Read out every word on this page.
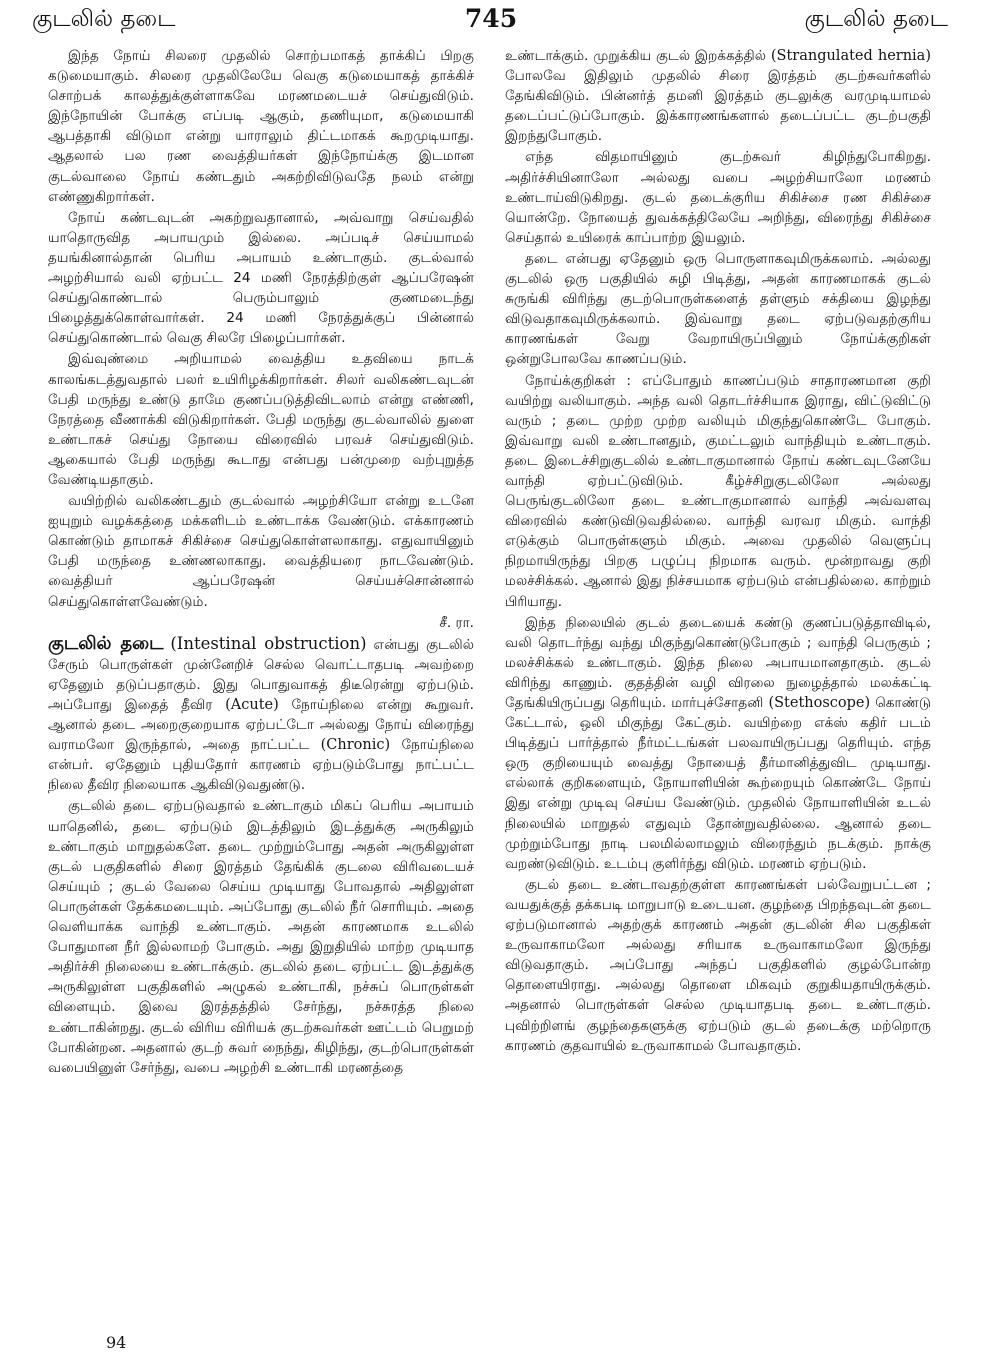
745
குடலில் தடை	குடலில் தடை

இந்த நோய் சிலரை முதலில் சொற்பமாகத் தாக்கிப் பிறகு கடுமையாகும். சிலரை முதலிலேயே வெகு கடுமையாகத் தாக்கிச் சொற்பக் காலத்துக்குள்ளாகவே மரணமடையச் செய்துவிடும். இந்நோயின் போக்கு எப்படி ஆகும், தணியுமா, கடுமையாகி ஆபத்தாகி விடுமா என்று யாராலும் திட்டமாகக் கூறமுடியாது. ஆதலால் பல ரண வைத்தியர்கள் இந்நோய்க்கு இடமான குடல்வாலை நோய் கண்டதும் அகற்றிவிடுவதே நலம் என்று எண்ணுகிறார்கள்.

நோய் கண்டவுடன் அகற்றுவதானால், அவ்வாறு செய்வதில் யாதொருவித அபாயமும் இல்லை. அப்படிச் செய்யாமல் தயங்கினால்தான் பெரிய அபாயம் உண்டாகும். குடல்வால் அழற்சியால் வலி ஏற்பட்ட 24 மணி நேரத்திற்குள் ஆப்பரேஷன் செய்துகொண்டால் பெரும்பாலும் குணமடைந்து பிழைத்துக்கொள்வார்கள். 24 மணி நேரத்துக்குப் பின்னால் செய்துகொண்டால் வெகு சிலரே பிழைப்பார்கள்.

இவ்வுண்மை அறியாமல் வைத்திய உதவியை நாடக் காலங்கடத்துவதால் பலர் உயிரிழக்கிறார்கள். சிலர் வலிகண்டவுடன் பேதி மருந்து உண்டு தாமே குணப்படுத்திவிடலாம் என்று எண்ணி, நேரத்தை வீணாக்கி விடுகிறார்கள். பேதி மருந்து குடல்வாலில் துளை உண்டாகச் செய்து நோயை விரைவில் பரவச் செய்துவிடும். ஆகையால் பேதி மருந்து கூடாது என்பது பன்முறை வற்புறுத்த வேண்டியதாகும்.

வயிற்றில் வலிகண்டதும் குடல்வால் அழற்சியோ என்று உடனே ஐயுறும் வழக்கத்தை மக்களிடம் உண்டாக்க வேண்டும். எக்காரணம் கொண்டும் தாமாகச் சிகிச்சை செய்துகொள்ளலாகாது. எதுவாயினும் பேதி மருந்தை உண்ணலாகாது. வைத்தியரை நாடவேண்டும். வைத்தியர் ஆப்பரேஷன் செய்யச்சொன்னால் செய்துகொள்ளவேண்டும்.

சீ. ரா.

குடலில் தடை (Intestinal obstruction) என்பது குடலில் சேரும் பொருள்கள் முன்னேறிச் செல்ல வொட்டாதபடி அவற்றை ஏதேனும் தடுப்பதாகும். இது பொதுவாகத் திடீரென்று ஏற்படும். அப்போது இதைத் தீவிர (Acute) நோய்நிலை என்று கூறுவர். ஆனால் தடை அறைகுறையாக ஏற்பட்டோ அல்லது நோய் விரைந்து வராமலோ இருந்தால், அதை நாட்பட்ட (Chronic) நோய்நிலை என்பர். ஏதேனும் புதியதோர் காரணம் ஏற்படும்போது நாட்பட்ட நிலை தீவிர நிலையாக ஆகிவிடுவதுண்டு.

குடலில் தடை ஏற்படுவதால் உண்டாகும் மிகப் பெரிய அபாயம் யாதெனில், தடை ஏற்படும் இடத்திலும் இடத்துக்கு அருகிலும் உண்டாகும் மாறுதல்களே. தடை முற்றும்போது அதன் அருகிலுள்ள குடல் பகுதிகளில் சிரை இரத்தம் தேங்கிக் குடலை விரிவடையச் செய்யும் ; குடல் வேலை செய்ய முடியாது போவதால் அதிலுள்ள பொருள்கள் தேக்கமடையும். அப்போது குடலில் நீர் சொரியும். அதை வெளியாக்க வாந்தி உண்டாகும். அதன் காரணமாக உடலில் போதுமான நீர் இல்லாமற் போகும். அது இறுதியில் மாற்ற முடியாத அதிர்ச்சி நிலையை உண்டாக்கும். குடலில் தடை ஏற்பட்ட இடத்துக்கு அருகிலுள்ள பகுதிகளில் அழுகல் உண்டாகி, நச்சுப் பொருள்கள் விளையும். இவை இரத்தத்தில் சேர்ந்து, நச்சுரத்த நிலை உண்டாகின்றது. குடல் விரிய விரியக் குடற்சுவர்கள் ஊட்டம் பெறுமற் போகின்றன. அதனால் குடற் சுவர் நைந்து, கிழிந்து, குடற்பொருள்கள் வபையினுள் சேர்ந்து, வபை அழற்சி உண்டாகி மரணத்தை

உண்டாக்கும். முறுக்கிய குடல் இறக்கத்தில் (Strangulated hernia) போலவே இதிலும் முதலில் சிரை இரத்தம் குடற்சுவர்களில் தேங்கிவிடும். பின்னர்த் தமனி இரத்தம் குடலுக்கு வரமுடியாமல் தடைப்பட்டுப்போகும். இக்காரணங்களால் தடைப்பட்ட குடற்பகுதி இறந்துபோகும்.

எந்த விதமாயினும் குடற்சுவர் கிழிந்துபோகிறது. அதிர்ச்சியினாலோ அல்லது வபை அழற்சியாலோ மரணம் உண்டாய்விடுகிறது. குடல் தடைக்குரிய சிகிச்சை ரண சிகிச்சை யொன்றே. நோயைத் துவக்கத்திலேயே அறிந்து, விரைந்து சிகிச்சை செய்தால் உயிரைக் காப்பாற்ற இயலும்.

தடை என்பது ஏதேனும் ஒரு பொருளாகவுமிருக்கலாம். அல்லது குடலில் ஒரு பகுதியில் சுழி பிடித்து, அதன் காரணமாகக் குடல் சுருங்கி விரிந்து குடற்பொருள்களைத் தள்ளும் சக்தியை இழந்து விடுவதாகவுமிருக்கலாம். இவ்வாறு தடை ஏற்படுவதற்குரிய காரணங்கள் வேறு வேறாயிருப்பினும் நோய்க்குறிகள் ஒன்றுபோலவே காணப்படும்.

நோய்க்குறிகள் : எப்போதும் காணப்படும் சாதாரணமான குறி வயிற்று வலியாகும். அந்த வலி தொடர்ச்சியாக இராது, விட்டுவிட்டு வரும் ; தடை முற்ற முற்ற வலியும் மிகுந்துகொண்டே போகும். இவ்வாறு வலி உண்டானதும், குமட்டலும் வாந்தியும் உண்டாகும். தடை இடைச்சிறுகுடலில் உண்டாகுமானால் நோய் கண்டவுடனேயே வாந்தி ஏற்பட்டுவிடும். கீழ்ச்சிறுகுடலிலோ அல்லது பெருங்குடலிலோ தடை உண்டாகுமானால் வாந்தி அவ்வளவு விரைவில் கண்டுவிடுவதில்லை. வாந்தி வரவர மிகும். வாந்தி எடுக்கும் பொருள்களும் மிகும். அவை முதலில் வெளுப்பு நிறமாயிருந்து பிறகு பழுப்பு நிறமாக வரும். மூன்றாவது குறி மலச்சிக்கல். ஆனால் இது நிச்சயமாக ஏற்படும் என்பதில்லை. காற்றும் பிரியாது.

இந்த நிலையில் குடல் தடையைக் கண்டு குணப்படுத்தாவிடில், வலி தொடர்ந்து வந்து மிகுந்துகொண்டுபோகும் ; வாந்தி பெருகும் ; மலச்சிக்கல் உண்டாகும். இந்த நிலை அபாயமானதாகும். குடல் விரிந்து காணும். குதத்தின் வழி விரலை நுழைத்தால் மலக்கட்டி தேங்கியிருப்பது தெரியும். மார்புச்சோதனி (Stethoscope) கொண்டு கேட்டால், ஒலி மிகுந்து கேட்கும். வயிற்றை எக்ஸ் கதிர் படம் பிடித்துப் பார்த்தால் நீர்மட்டங்கள் பலவாயிருப்பது தெரியும். எந்த ஒரு குறியையும் வைத்து நோயைத் தீர்மானித்துவிட முடியாது. எல்லாக் குறிகளையும், நோயாளியின் கூற்றையும் கொண்டே நோய் இது என்று முடிவு செய்ய வேண்டும். முதலில் நோயாளியின் உடல் நிலையில் மாறுதல் எதுவும் தோன்றுவதில்லை. ஆனால் தடை முற்றும்போது நாடி பலமில்லாமலும் விரைந்தும் நடக்கும். நாக்கு வறண்டுவிடும். உடம்பு குளிர்ந்து விடும். மரணம் ஏற்படும்.

குடல் தடை உண்டாவதற்குள்ள காரணங்கள் பல்வேறுபட்டன ; வயதுக்குத் தக்கபடி மாறுபாடு உடையன. குழந்தை பிறந்தவுடன் தடை ஏற்படுமானால் அதற்குக் காரணம் அதன் குடலின் சில பகுதிகள் உருவாகாமலோ அல்லது சரியாக உருவாகாமலோ இருந்து விடுவதாகும். அப்போது அந்தப் பகுதிகளில் குழல்போன்ற தொளையிராது. அல்லது தொளை மிகவும் குறுகியதாயிருக்கும். அதனால் பொருள்கள் செல்ல முடியாதபடி தடை உண்டாகும். புவிற்றிளங் குழந்தைகளுக்கு ஏற்படும் குடல் தடைக்கு மற்றொரு காரணம் குதவாயில் உருவாகாமல் போவதாகும்.

94
